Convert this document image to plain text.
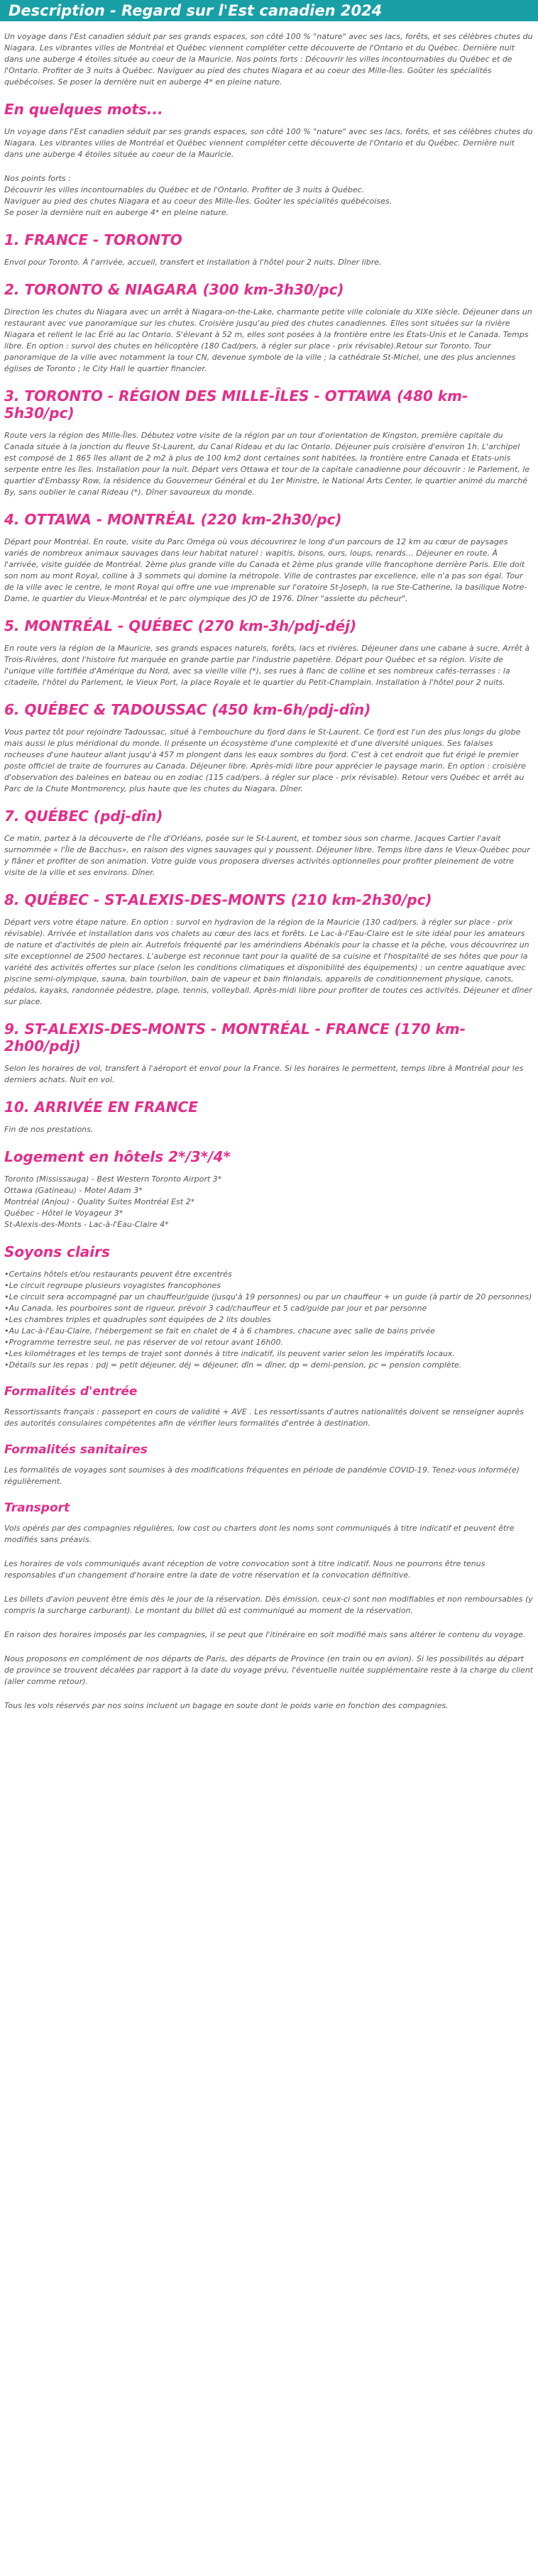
Description - Regard sur l'Est canadien 2024

Un voyage dans l'Est canadien séduit par ses grands espaces, son côté 100 % "nature" avec ses lacs, forêts, et ses célèbres chutes du Niagara. Les vibrantes villes de Montréal et Québec viennent compléter cette découverte de l'Ontario et du Québec. Dernière nuit dans une auberge 4 étoiles située au coeur de la Mauricie. Nos points forts : Découvrir les villes incontournables du Québec et de l'Ontario. Profiter de 3 nuits à Québec. Naviguer au pied des chutes Niagara et au coeur des Mille-Îles. Goûter les spécialités québécoises. Se poser la dernière nuit en auberge 4* en pleine nature.

En quelques mots...

Un voyage dans l'Est canadien séduit par ses grands espaces, son côté 100 % "nature" avec ses lacs, forêts, et ses célèbres chutes du Niagara. Les vibrantes villes de Montréal et Québec viennent compléter cette découverte de l'Ontario et du Québec. Dernière nuit dans une auberge 4 étoiles située au coeur de la Mauricie.

Nos points forts :

Découvrir les villes incontournables du Québec et de l'Ontario. Profiter de 3 nuits à Québec.

Naviguer au pied des chutes Niagara et au coeur des Mille-Îles. Goûter les spécialités québécoises.

Se poser la dernière nuit en auberge 4* en pleine nature.

1. FRANCE - TORONTO

Envol pour Toronto. À l'arrivée, accueil, transfert et installation à l'hôtel pour 2 nuits. Dîner libre.

2. TORONTO & NIAGARA (300 km-3h30/pc)

Direction les chutes du Niagara avec un arrêt à Niagara-on-the-Lake, charmante petite ville coloniale du XIXe siècle. Déjeuner dans un restaurant avec vue panoramique sur les chutes. Croisière jusqu'au pied des chutes canadiennes. Elles sont situées sur la rivière Niagara et relient le lac Érié au lac Ontario. S'élevant à 52 m, elles sont posées à la frontière entre les États-Unis et le Canada. Temps libre. En option : survol des chutes en hélicoptère (180 Cad/pers, à régler sur place - prix révisable).Retour sur Toronto. Tour panoramique de la ville avec notamment la tour CN, devenue symbole de la ville ; la cathédrale St-Michel, une des plus anciennes églises de Toronto ; le City Hall le quartier financier.

3. TORONTO - RÉGION DES MILLE-ÎLES - OTTAWA (480 km-5h30/pc)

Route vers la région des Mille-Îles. Débutez votre visite de la région par un tour d'orientation de Kingston, première capitale du Canada située à la jonction du fleuve St-Laurent, du Canal Rideau et du lac Ontario. Déjeuner puis croisière d'environ 1h. L'archipel est composé de 1 865 îles allant de 2 m2 à plus de 100 km2 dont certaines sont habitées, la frontière entre Canada et Etats-unis serpente entre les îles. Installation pour la nuit. Départ vers Ottawa et tour de la capitale canadienne pour découvrir : le Parlement, le quartier d'Embassy Row, la résidence du Gouverneur Général et du 1er Ministre, le National Arts Center, le quartier animé du marché By, sans oublier le canal Rideau (*). Dîner savoureux du monde.

4. OTTAWA - MONTRÉAL (220 km-2h30/pc)

Départ pour Montréal. En route, visite du Parc Oméga où vous découvrirez le long d'un parcours de 12 km au cœur de paysages variés de nombreux animaux sauvages dans leur habitat naturel : wapitis, bisons, ours, loups, renards… Déjeuner en route. À l'arrivée, visite guidée de Montréal. 2ème plus grande ville du Canada et 2ème plus grande ville francophone derrière Paris. Elle doit son nom au mont Royal, colline à 3 sommets qui domine la métropole. Ville de contrastes par excellence, elle n'a pas son égal. Tour de la ville avec le centre, le mont Royal qui offre une vue imprenable sur l'oratoire St-Joseph, la rue Ste-Catherine, la basilique Notre-Dame, le quartier du Vieux-Montréal et le parc olympique des JO de 1976. Dîner "assiette du pêcheur".

5. MONTRÉAL - QUÉBEC (270 km-3h/pdj-déj)

En route vers la région de la Mauricie, ses grands espaces naturels, forêts, lacs et rivières. Déjeuner dans une cabane à sucre. Arrêt à Trois-Rivières, dont l'histoire fut marquée en grande partie par l'industrie papetière. Départ pour Québec et sa région. Visite de l'unique ville fortifiée d'Amérique du Nord, avec sa vieille ville (*), ses rues à flanc de colline et ses nombreux cafés-terrasses : la citadelle, l'hôtel du Parlement, le Vieux Port, la place Royale et le quartier du Petit-Champlain. Installation à l'hôtel pour 2 nuits.

6. QUÉBEC & TADOUSSAC (450 km-6h/pdj-dîn)

Vous partez tôt pour rejoindre Tadoussac, situé à l'embouchure du fjord dans le St-Laurent. Ce fjord est l'un des plus longs du globe mais aussi le plus méridional du monde. Il présente un écosystème d'une complexité et d'une diversité uniques. Ses falaises rocheuses d'une hauteur allant jusqu'à 457 m plongent dans les eaux sombres du fjord. C'est à cet endroit que fut érigé le premier poste officiel de traite de fourrures au Canada. Déjeuner libre. Après-midi libre pour apprécier le paysage marin. En option : croisière d'observation des baleines en bateau ou en zodiac (115 cad/pers. à régler sur place - prix révisable). Retour vers Québec et arrêt au Parc de la Chute Montmorency, plus haute que les chutes du Niagara. Dîner.

7. QUÉBEC (pdj-dîn)

Ce matin, partez à la découverte de l'Île d'Orléans, posée sur le St-Laurent, et tombez sous son charme. Jacques Cartier l'avait surnommée « l'Île de Bacchus», en raison des vignes sauvages qui y poussent. Déjeuner libre. Temps libre dans le Vieux-Québec pour y flâner et profiter de son animation. Votre guide vous proposera diverses activités optionnelles pour profiter pleinement de votre visite de la ville et ses environs. Dîner.

8. QUÉBEC - ST-ALEXIS-DES-MONTS (210 km-2h30/pc)

Départ vers votre étape nature. En option : survol en hydravion de la région de la Mauricie (130 cad/pers. à régler sur place - prix révisable). Arrivée et installation dans vos chalets au cœur des lacs et forêts. Le Lac-à-l'Eau-Claire est le site idéal pour les amateurs de nature et d'activités de plein air. Autrefois fréquenté par les amérindiens Abénakis pour la chasse et la pêche, vous découvrirez un site exceptionnel de 2500 hectares. L'auberge est reconnue tant pour la qualité de sa cuisine et l'hospitalité de ses hôtes que pour la variété des activités offertes sur place (selon les conditions climatiques et disponibilité des équipements) : un centre aquatique avec piscine semi-olympique, sauna, bain tourbillon, bain de vapeur et bain finlandais, appareils de conditionnement physique, canots, pédalos, kayaks, randonnée pédestre, plage, tennis, volleyball. Après-midi libre pour profiter de toutes ces activités. Déjeuner et dîner sur place.

9. ST-ALEXIS-DES-MONTS - MONTRÉAL - FRANCE (170 km-2h00/pdj)

Selon les horaires de vol, transfert à l'aéroport et envol pour la France. Si les horaires le permettent, temps libre à Montréal pour les derniers achats. Nuit en vol.

10. ARRIVÉE EN FRANCE

Fin de nos prestations.

Logement en hôtels 2*/3*/4*

Toronto (Mississauga) - Best Western Toronto Airport 3*

Ottawa (Gatineau) - Motel Adam 3*

Montréal (Anjou) - Quality Suites Montréal Est 2*

Québec - Hôtel le Voyageur 3*

St-Alexis-des-Monts - Lac-à-l'Eau-Claire 4*

Soyons clairs
• Certains hôtels et/ou restaurants peuvent être excentrés
• Le circuit regroupe plusieurs voyagistes francophones
• Le circuit sera accompagné par un chauffeur/guide (jusqu'à 19 personnes) ou par un chauffeur + un guide (à partir de 20 personnes)
• Au Canada, les pourboires sont de rigueur, prévoir 3 cad/chauffeur et 5 cad/guide par jour et par personne
• Les chambres triples et quadruples sont équipées de 2 lits doubles
• Au Lac-à-l'Eau-Claire, l'hébergement se fait en chalet de 4 à 6 chambres, chacune avec salle de bains privée
• Programme terrestre seul, ne pas réserver de vol retour avant 16h00.
• Les kilométrages et les temps de trajet sont donnés à titre indicatif, ils peuvent varier selon les impératifs locaux.
• Détails sur les repas : pdj = petit déjeuner, déj = déjeuner, dîn = dîner, dp = demi-pension, pc = pension complète.
Formalités d'entrée

Ressortissants français : passeport en cours de validité + AVE . Les ressortissants d'autres nationalités doivent se renseigner auprès des autorités consulaires compétentes afin de vérifier leurs formalités d'entrée à destination.

Formalités sanitaires

Les formalités de voyages sont soumises à des modifications fréquentes en période de pandémie COVID-19. Tenez-vous informé(e) régulièrement.

Transport

Vols opérés par des compagnies régulières, low cost ou charters dont les noms sont communiqués à titre indicatif et peuvent être modifiés sans préavis.

Les horaires de vols communiqués avant réception de votre convocation sont à titre indicatif. Nous ne pourrons être tenus responsables d'un changement d'horaire entre la date de votre réservation et la convocation définitive.

Les billets d'avion peuvent être émis dès le jour de la réservation. Dès émission, ceux-ci sont non modifiables et non remboursables (y compris la surcharge carburant). Le montant du billet dû est communiqué au moment de la réservation.

En raison des horaires imposés par les compagnies, il se peut que l'itinéraire en soit modifié mais sans altérer le contenu du voyage.

Nous proposons en complément de nos départs de Paris, des départs de Province (en train ou en avion). Si les possibilités au départ de province se trouvent décalées par rapport à la date du voyage prévu, l'éventuelle nuitée supplémentaire reste à la charge du client (aller comme retour).

Tous les vols réservés par nos soins incluent un bagage en soute dont le poids varie en fonction des compagnies.
